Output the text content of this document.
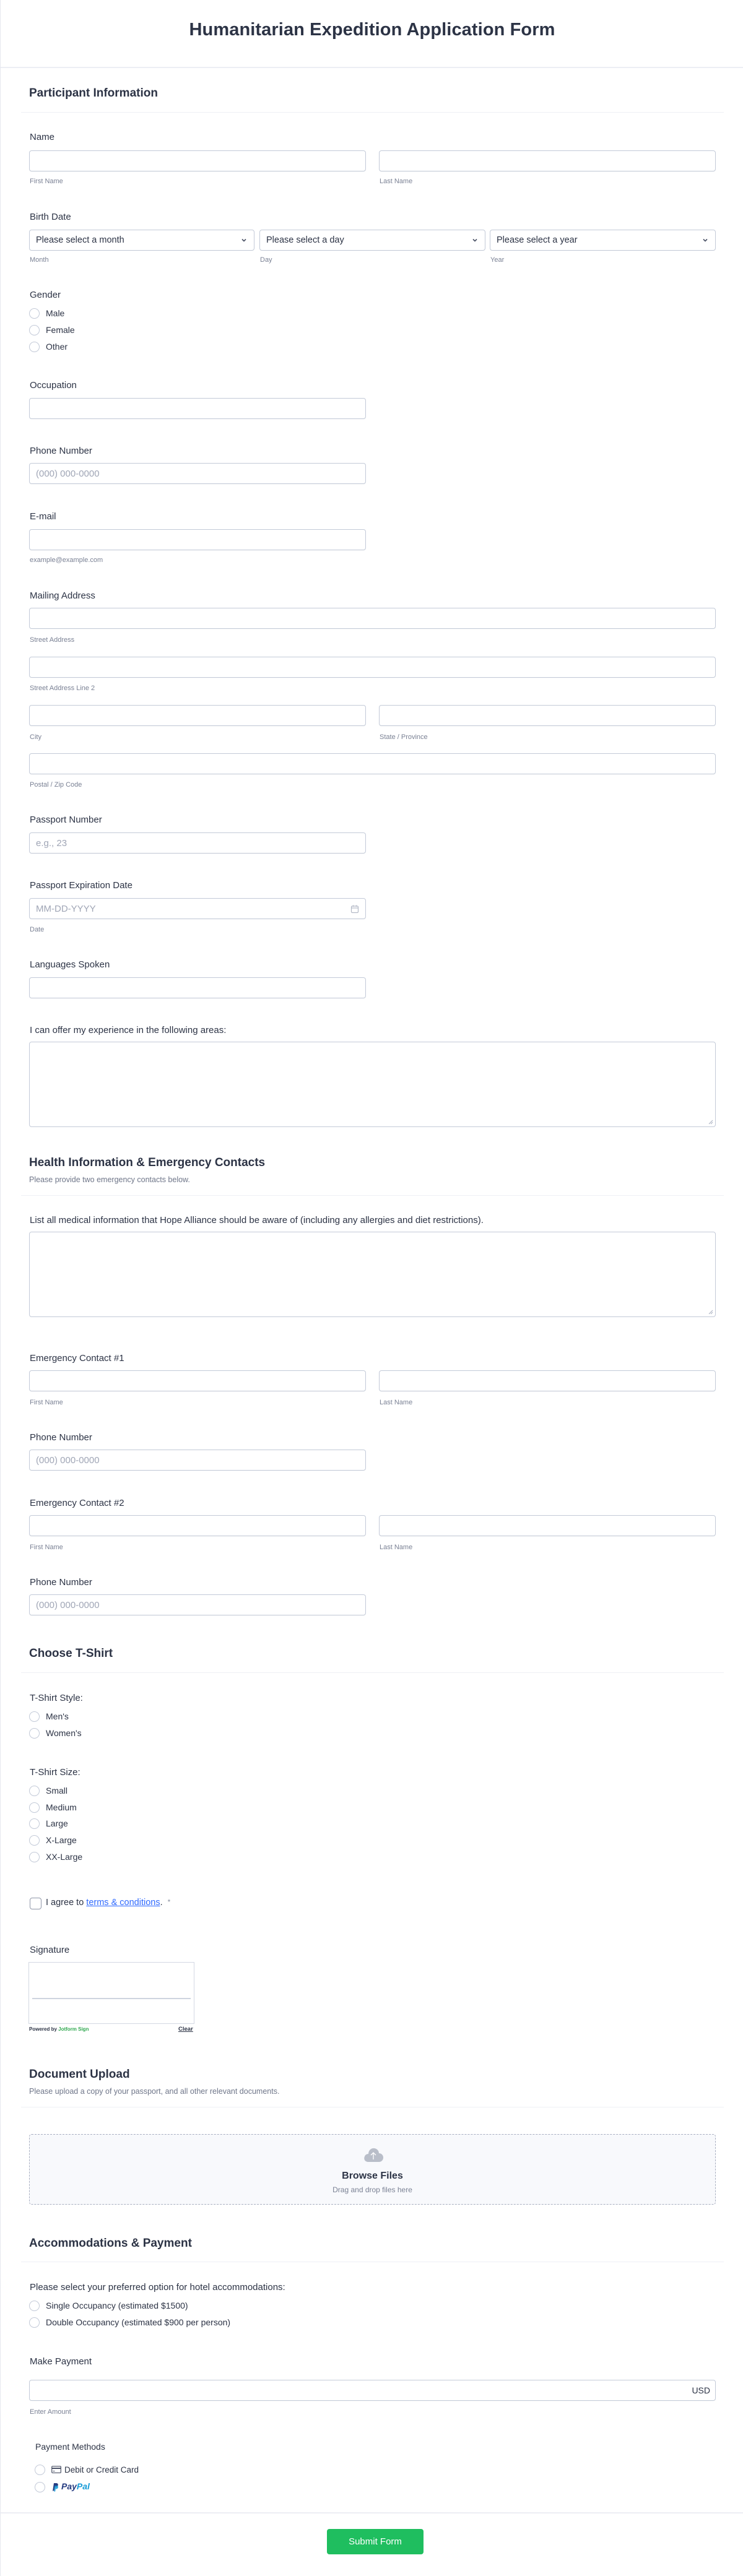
Humanitarian Expedition Application Form
Participant Information
Name
First Name	Last Name
Birth Date
Please select a month	Please select a day	Please select a year
Month	Day	Year
Gender
Male
Female
Other
Occupation
Phone Number
(000) 000-0000
E-mail
example@example.com
Mailing Address
Street Address
Street Address Line 2
City	State / Province
Postal / Zip Code
Passport Number
e.g., 23
Passport Expiration Date
MM-DD-YYYY
Date
Languages Spoken
I can offer my experience in the following areas:
Health Information & Emergency Contacts
Please provide two emergency contacts below.
List all medical information that Hope Alliance should be aware of (including any allergies and diet restrictions).
Emergency Contact #1
First Name	Last Name
Phone Number
(000) 000-0000
Emergency Contact #2
First Name	Last Name
Phone Number
(000) 000-0000
Choose T-Shirt
T-Shirt Style:
Men's
Women's
T-Shirt Size:
Small
Medium
Large
X-Large
XX-Large
I agree to terms & conditions. *
Signature
Powered by Jotform Sign	Clear
Document Upload
Please upload a copy of your passport, and all other relevant documents.
Browse Files
Drag and drop files here
Accommodations & Payment
Please select your preferred option for hotel accommodations:
Single Occupancy (estimated $1500)
Double Occupancy (estimated $900 per person)
Make Payment
USD
Enter Amount
Payment Methods
Debit or Credit Card
PayPal
Submit Form
